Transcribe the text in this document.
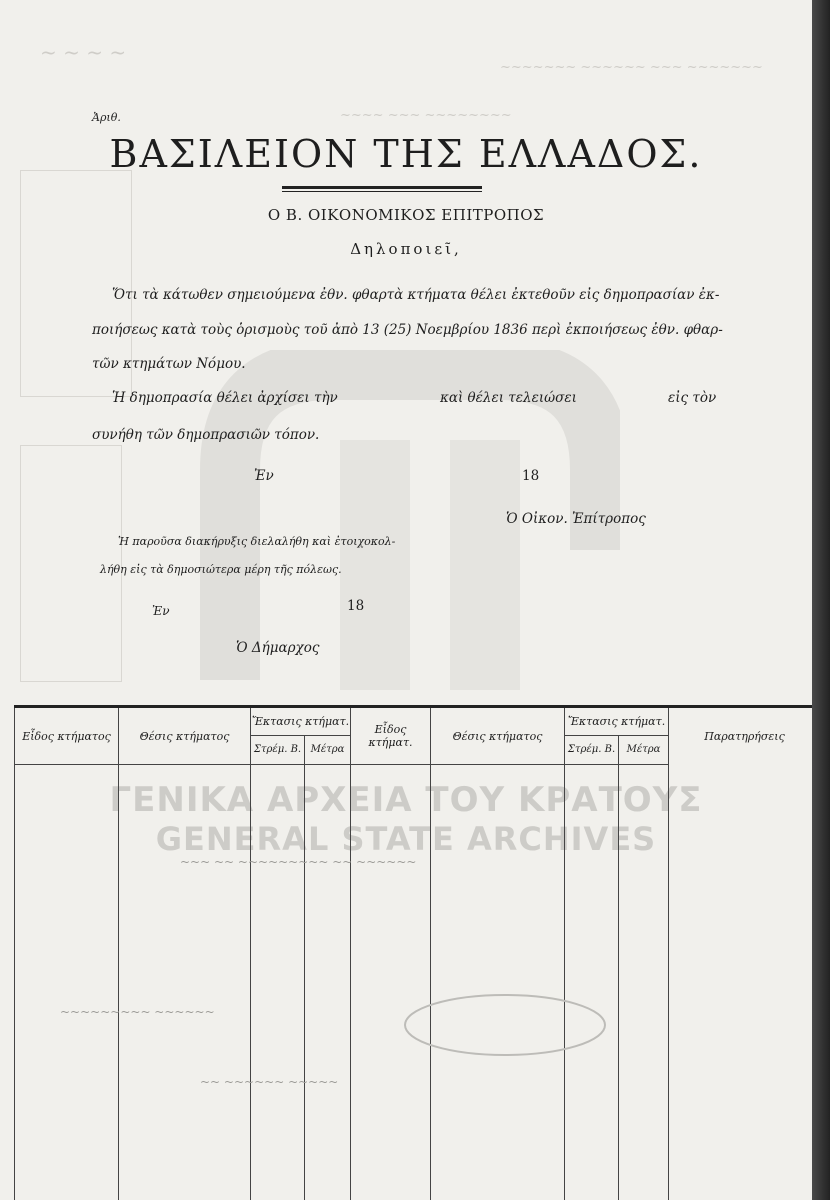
~ ~ ~ ~
~~~~ ~~~ ~~~~~~~~
~~~~~~~ ~~~~~~ ~~~ ~~~~~~~
ΓΕΝΙΚΑ ΑΡΧΕΙΑ ΤΟΥ ΚΡΑΤΟΥΣ
GENERAL STATE ARCHIVES
Ἀριθ.
ΒΑΣΙΛΕΙΟΝ ΤΗΣ ΕΛΛΑΔΟΣ.
Ο Β. ΟΙΚΟΝΟΜΙΚΟΣ ΕΠΙΤΡΟΠΟΣ
Δηλοποιεῖ,
Ὅτι τὰ κάτωθεν σημειούμενα ἐθν. φθαρτὰ κτήματα θέλει ἐκτεθοῦν εἰς δημοπρασίαν ἐκ-
ποιήσεως κατὰ τοὺς ὁρισμοὺς τοῦ ἀπὸ 13 (25) Νοεμβρίου 1836 περὶ ἐκποιήσεως ἐθν. φθαρ-
τῶν κτημάτων Νόμου.
Ἡ δημοπρασία θέλει ἀρχίσει τὴν	καὶ θέλει τελειώσει	εἰς τὸν
συνήθη τῶν δημοπρασιῶν τόπον.
Ἐν	18
Ὁ Οἰκον. Ἐπίτροπος
Ἡ παροῦσα διακήρυξις διελαλήθη καὶ ἐτοιχοκολ-
λήθη εἰς τὰ δημοσιώτερα μέρη τῆς πόλεως.
Ἐν	18
Ὁ Δήμαρχος
Εἶδος κτήματος	Θέσις κτήματος	Ἔκτασις κτήματ.		Εἶδος κτήματ.	Θέσις κτήματος	Ἔκτασις κτήματ.		Παρατηρήσεις
		Στρέμ. Β.	Μέτρα			Στρέμ. Β.	Μέτρα	

~~~ ~~ ~~~~~~~~~ ~~ ~~~~~~
~~~~~~~~~ ~~~~~~
~~ ~~~~~~ ~~~~~
